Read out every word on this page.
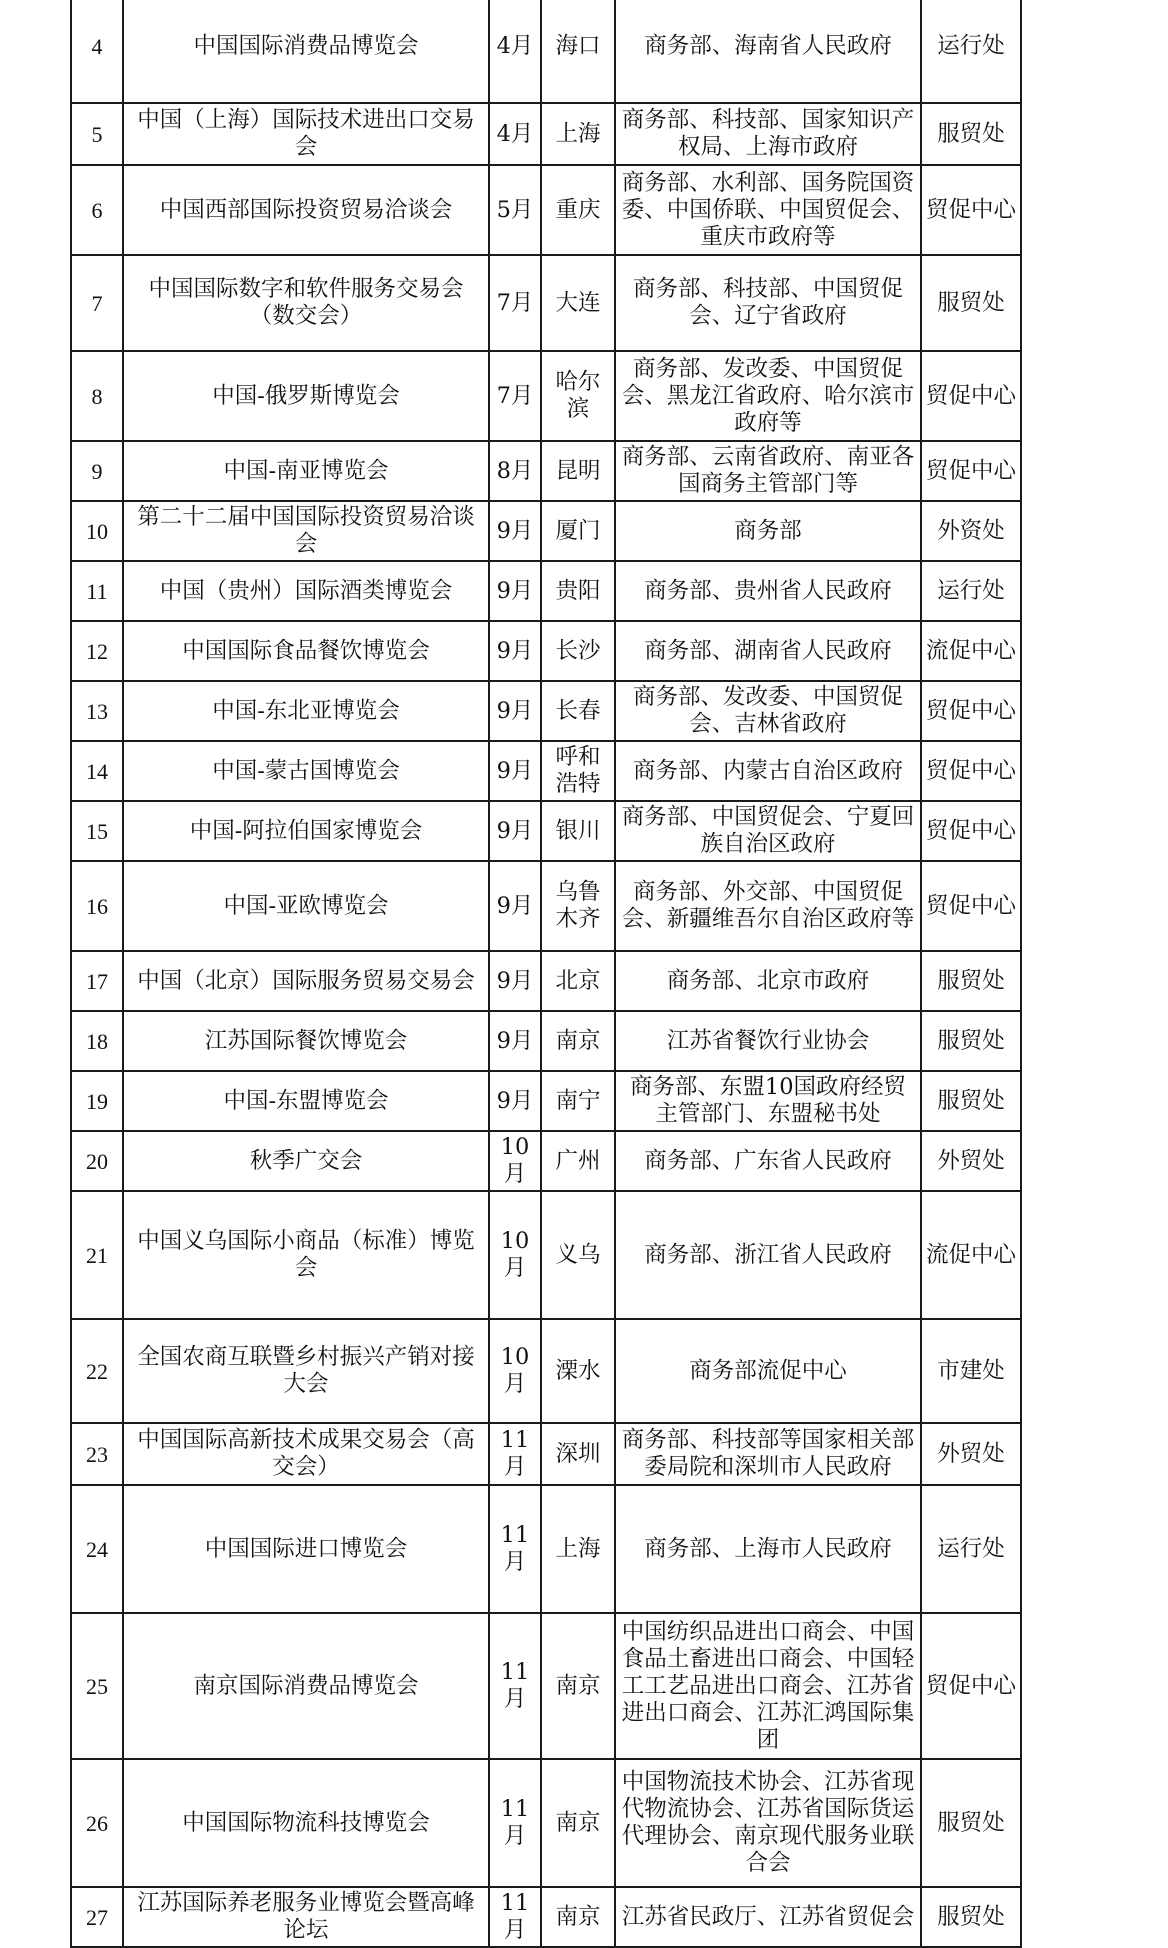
4	中国国际消费品博览会	4月	海口	商务部、海南省人民政府	运行处
5	中国（上海）国际技术进出口交易会	4月	上海	商务部、科技部、国家知识产权局、上海市政府	服贸处
6	中国西部国际投资贸易洽谈会	5月	重庆	商务部、水利部、国务院国资委、中国侨联、中国贸促会、重庆市政府等	贸促中心
7	中国国际数字和软件服务交易会（数交会）	7月	大连	商务部、科技部、中国贸促会、辽宁省政府	服贸处
8	中国-俄罗斯博览会	7月	哈尔滨	商务部、发改委、中国贸促会、黑龙江省政府、哈尔滨市政府等	贸促中心
9	中国-南亚博览会	8月	昆明	商务部、云南省政府、南亚各国商务主管部门等	贸促中心
10	第二十二届中国国际投资贸易洽谈会	9月	厦门	商务部	外资处
11	中国（贵州）国际酒类博览会	9月	贵阳	商务部、贵州省人民政府	运行处
12	中国国际食品餐饮博览会	9月	长沙	商务部、湖南省人民政府	流促中心
13	中国-东北亚博览会	9月	长春	商务部、发改委、中国贸促会、吉林省政府	贸促中心
14	中国-蒙古国博览会	9月	呼和浩特	商务部、内蒙古自治区政府	贸促中心
15	中国-阿拉伯国家博览会	9月	银川	商务部、中国贸促会、宁夏回族自治区政府	贸促中心
16	中国-亚欧博览会	9月	乌鲁木齐	商务部、外交部、中国贸促会、新疆维吾尔自治区政府等	贸促中心
17	中国（北京）国际服务贸易交易会	9月	北京	商务部、北京市政府	服贸处
18	江苏国际餐饮博览会	9月	南京	江苏省餐饮行业协会	服贸处
19	中国-东盟博览会	9月	南宁	商务部、东盟10国政府经贸主管部门、东盟秘书处	服贸处
20	秋季广交会	10月	广州	商务部、广东省人民政府	外贸处
21	中国义乌国际小商品（标准）博览会	10月	义乌	商务部、浙江省人民政府	流促中心
22	全国农商互联暨乡村振兴产销对接大会	10月	溧水	商务部流促中心	市建处
23	中国国际高新技术成果交易会（高交会）	11月	深圳	商务部、科技部等国家相关部委局院和深圳市人民政府	外贸处
24	中国国际进口博览会	11月	上海	商务部、上海市人民政府	运行处
25	南京国际消费品博览会	11月	南京	中国纺织品进出口商会、中国食品土畜进出口商会、中国轻工工艺品进出口商会、江苏省进出口商会、江苏汇鸿国际集团	贸促中心
26	中国国际物流科技博览会	11月	南京	中国物流技术协会、江苏省现代物流协会、江苏省国际货运代理协会、南京现代服务业联合会	服贸处
27	江苏国际养老服务业博览会暨高峰论坛	11月	南京	江苏省民政厅、江苏省贸促会	服贸处
